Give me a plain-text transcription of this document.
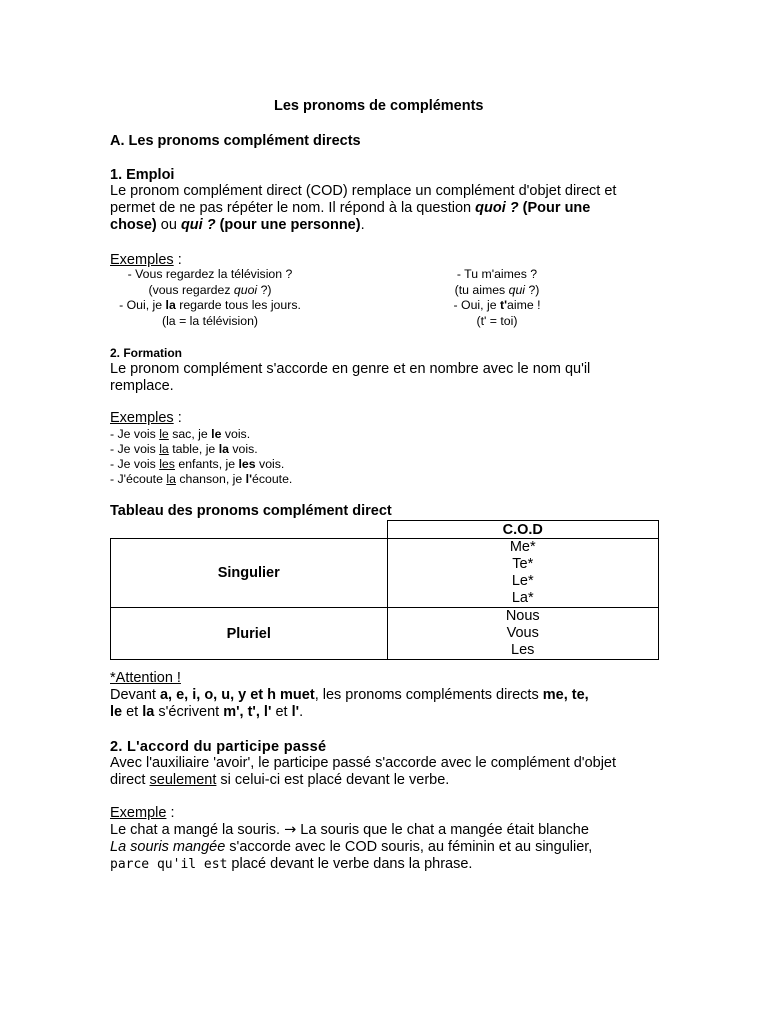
Les pronoms de compléments
A. Les pronoms complément directs
1. Emploi
Le pronom complément direct (COD) remplace un complément d'objet direct et
permet de ne pas répéter le nom. Il répond à la question quoi ? (Pour une
chose) ou qui ? (pour une personne).
Exemples :
- Vous regardez la télévision ?
(vous regardez quoi ?)
- Oui, je la regarde tous les jours.
(la = la télévision)
- Tu m'aimes ?
(tu aimes qui ?)
- Oui, je t'aime !
(t' = toi)
2. Formation
Le pronom complément s'accorde en genre et en nombre avec le nom qu'il
remplace.
Exemples :
- Je vois le sac, je le vois.
- Je vois la table, je la vois.
- Je vois les enfants, je les vois.
- J'écoute la chanson, je l'écoute.
Tableau des pronoms complément direct
	C.O.D
Singulier	Me*
Te*
Le*
La*

Pluriel	Nous
Vous
Les
*Attention !
Devant a, e, i, o, u, y et h muet, les pronoms compléments directs me, te,
le et la s'écrivent m', t', l' et l'.
2. L'accord du participe passé
Avec l'auxiliaire 'avoir', le participe passé s'accorde avec le complément d'objet
direct seulement si celui-ci est placé devant le verbe.
Exemple :
Le chat a mangé la souris. → La souris que le chat a mangée était blanche
La souris mangée s'accorde avec le COD souris, au féminin et au singulier,
parce qu'il est placé devant le verbe dans la phrase.
